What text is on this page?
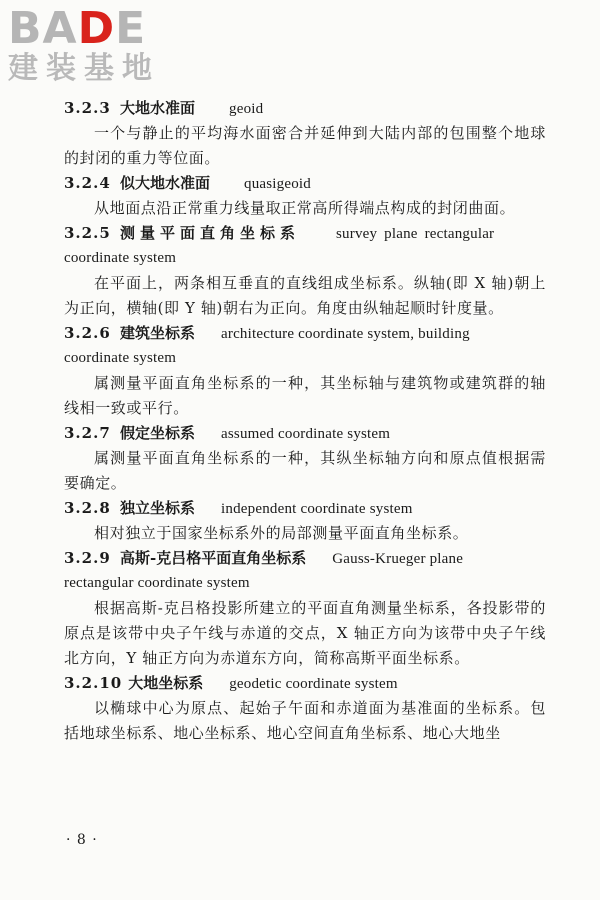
BADE
建装基地
3.2.3 大地水准面 geoid

一个与静止的平均海水面密合并延伸到大陆内部的包围整个地球的封闭的重力等位面。

3.2.4 似大地水准面 quasigeoid

从地面点沿正常重力线量取正常高所得端点构成的封闭曲面。

3.2.5 测量平面直角坐标系 survey plane rectangular
coordinate system

在平面上，两条相互垂直的直线组成坐标系。纵轴(即 X 轴)朝上为正向，横轴(即 Y 轴)朝右为正向。角度由纵轴起顺时针度量。

3.2.6 建筑坐标系 architecture coordinate system, building
coordinate system

属测量平面直角坐标系的一种，其坐标轴与建筑物或建筑群的轴线相一致或平行。

3.2.7 假定坐标系 assumed coordinate system

属测量平面直角坐标系的一种，其纵坐标轴方向和原点值根据需要确定。

3.2.8 独立坐标系 independent coordinate system

相对独立于国家坐标系外的局部测量平面直角坐标系。

3.2.9 高斯-克吕格平面直角坐标系 Gauss-Krueger plane
rectangular coordinate system

根据高斯-克吕格投影所建立的平面直角测量坐标系，各投影带的原点是该带中央子午线与赤道的交点，X 轴正方向为该带中央子午线北方向，Y 轴正方向为赤道东方向，简称高斯平面坐标系。

3.2.10 大地坐标系 geodetic coordinate system

以椭球中心为原点、起始子午面和赤道面为基准面的坐标系。包括地球坐标系、地心坐标系、地心空间直角坐标系、地心大地坐

· 8 ·
